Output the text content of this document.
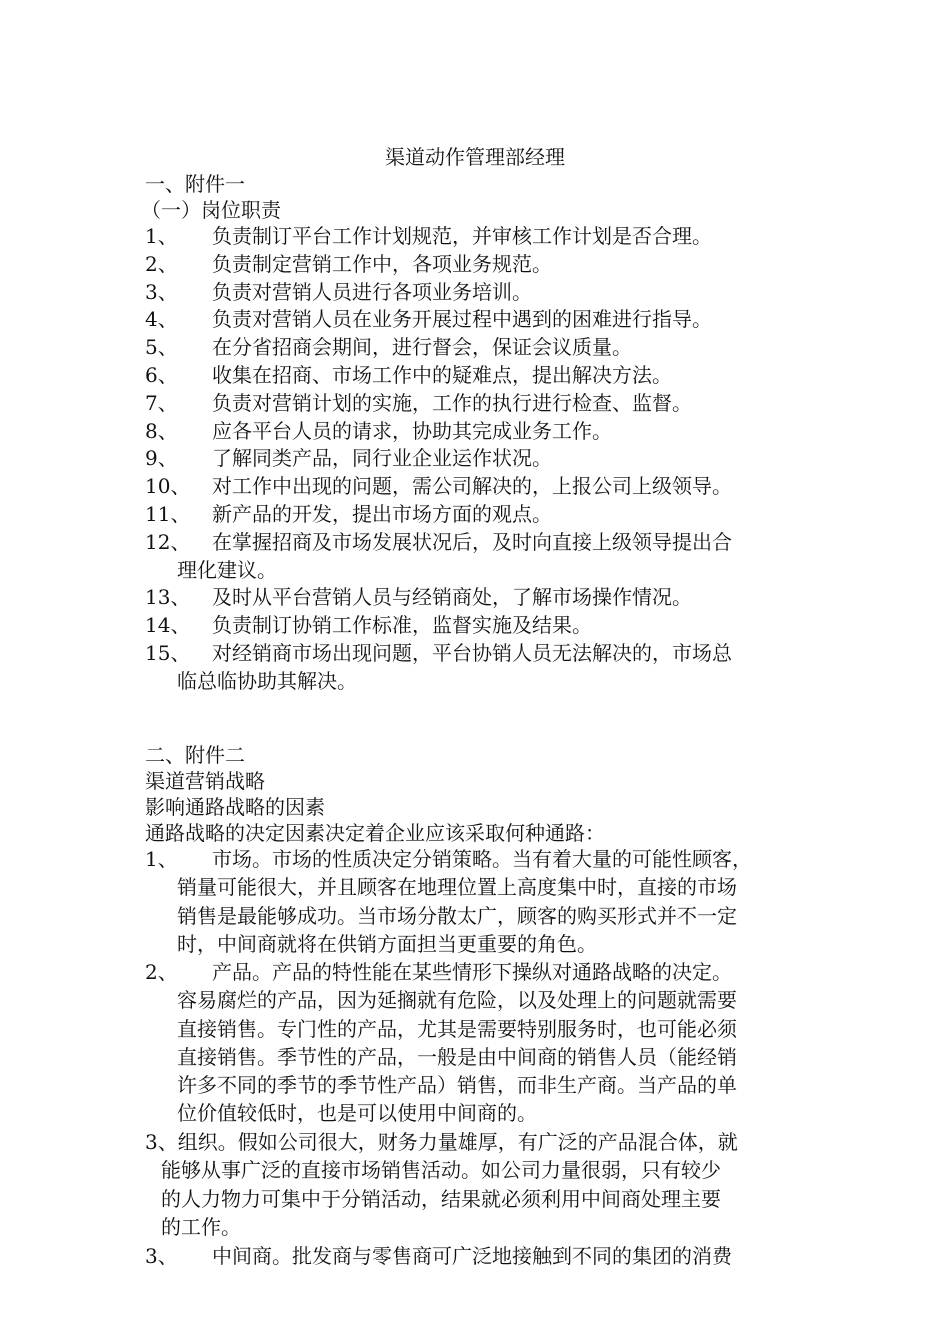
渠道动作管理部经理
一、附件一
（一）岗位职责
1、	负责制订平台工作计划规范，并审核工作计划是否合理。
2、	负责制定营销工作中，各项业务规范。
3、	负责对营销人员进行各项业务培训。
4、	负责对营销人员在业务开展过程中遇到的困难进行指导。
5、	在分省招商会期间，进行督会，保证会议质量。
6、	收集在招商、市场工作中的疑难点，提出解决方法。
7、	负责对营销计划的实施，工作的执行进行检查、监督。
8、	应各平台人员的请求，协助其完成业务工作。
9、	了解同类产品，同行业企业运作状况。
10、	对工作中出现的问题，需公司解决的，上报公司上级领导。
11、	新产品的开发，提出市场方面的观点。
12、	在掌握招商及市场发展状况后，及时向直接上级领导提出合
理化建议。
13、	及时从平台营销人员与经销商处，了解市场操作情况。
14、	负责制订协销工作标准，监督实施及结果。
15、	对经销商市场出现问题，平台协销人员无法解决的，市场总
临总临协助其解决。
二、附件二
渠道营销战略
影响通路战略的因素
通路战略的决定因素决定着企业应该采取何种通路：
1、	市场。市场的性质决定分销策略。当有着大量的可能性顾客，
销量可能很大，并且顾客在地理位置上高度集中时，直接的市场
销售是最能够成功。当市场分散太广，顾客的购买形式并不一定
时，中间商就将在供销方面担当更重要的角色。
2、	产品。产品的特性能在某些情形下操纵对通路战略的决定。
容易腐烂的产品，因为延搁就有危险，以及处理上的问题就需要
直接销售。专门性的产品，尤其是需要特别服务时，也可能必须
直接销售。季节性的产品，一般是由中间商的销售人员（能经销
许多不同的季节的季节性产品）销售，而非生产商。当产品的单
位价值较低时，也是可以使用中间商的。
3、组织。假如公司很大，财务力量雄厚，有广泛的产品混合体，就
能够从事广泛的直接市场销售活动。如公司力量很弱，只有较少
的人力物力可集中于分销活动，结果就必须利用中间商处理主要
的工作。
3、	中间商。批发商与零售商可广泛地接触到不同的集团的消费
